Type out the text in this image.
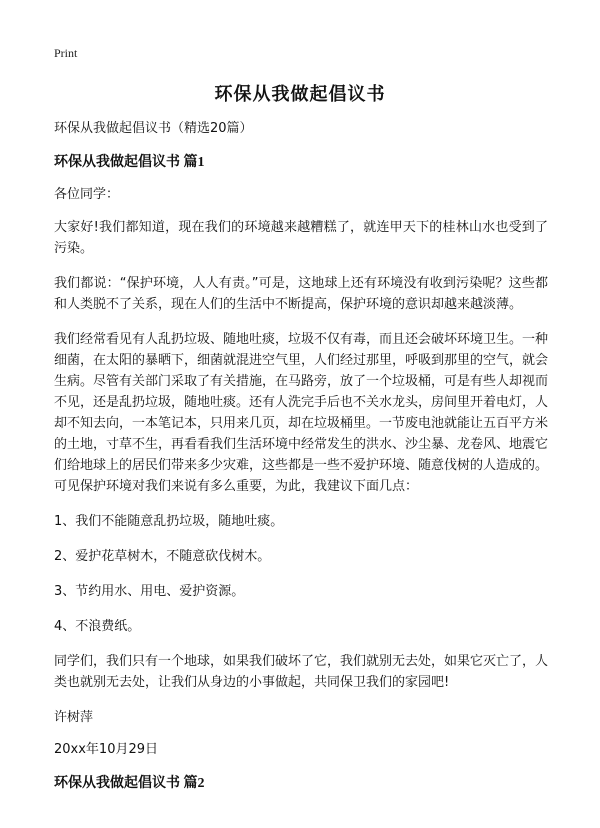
Print
环保从我做起倡议书

环保从我做起倡议书（精选20篇）

环保从我做起倡议书 篇1

各位同学：

大家好!我们都知道，现在我们的环境越来越糟糕了，就连甲天下的桂林山水也受到了污染。

我们都说：“保护环境，人人有责。”可是，这地球上还有环境没有收到污染呢？这些都和人类脱不了关系，现在人们的生活中不断提高，保护环境的意识却越来越淡薄。

我们经常看见有人乱扔垃圾、随地吐痰，垃圾不仅有毒，而且还会破坏环境卫生。一种细菌，在太阳的暴晒下，细菌就混进空气里，人们经过那里，呼吸到那里的空气，就会生病。尽管有关部门采取了有关措施，在马路旁，放了一个垃圾桶，可是有些人却视而不见，还是乱扔垃圾，随地吐痰。还有人洗完手后也不关水龙头，房间里开着电灯，人却不知去向，一本笔记本，只用来几页，却在垃圾桶里。一节废电池就能让五百平方米的土地，寸草不生，再看看我们生活环境中经常发生的洪水、沙尘暴、龙卷风、地震它们给地球上的居民们带来多少灾难，这些都是一些不爱护环境、随意伐树的人造成的。可见保护环境对我们来说有多么重要，为此，我建议下面几点：

1、我们不能随意乱扔垃圾，随地吐痰。

2、爱护花草树木，不随意砍伐树木。

3、节约用水、用电、爱护资源。

4、不浪费纸。

同学们，我们只有一个地球，如果我们破坏了它，我们就别无去处，如果它灭亡了，人类也就别无去处，让我们从身边的小事做起，共同保卫我们的家园吧!

许树萍

20xx年10月29日

环保从我做起倡议书 篇2
